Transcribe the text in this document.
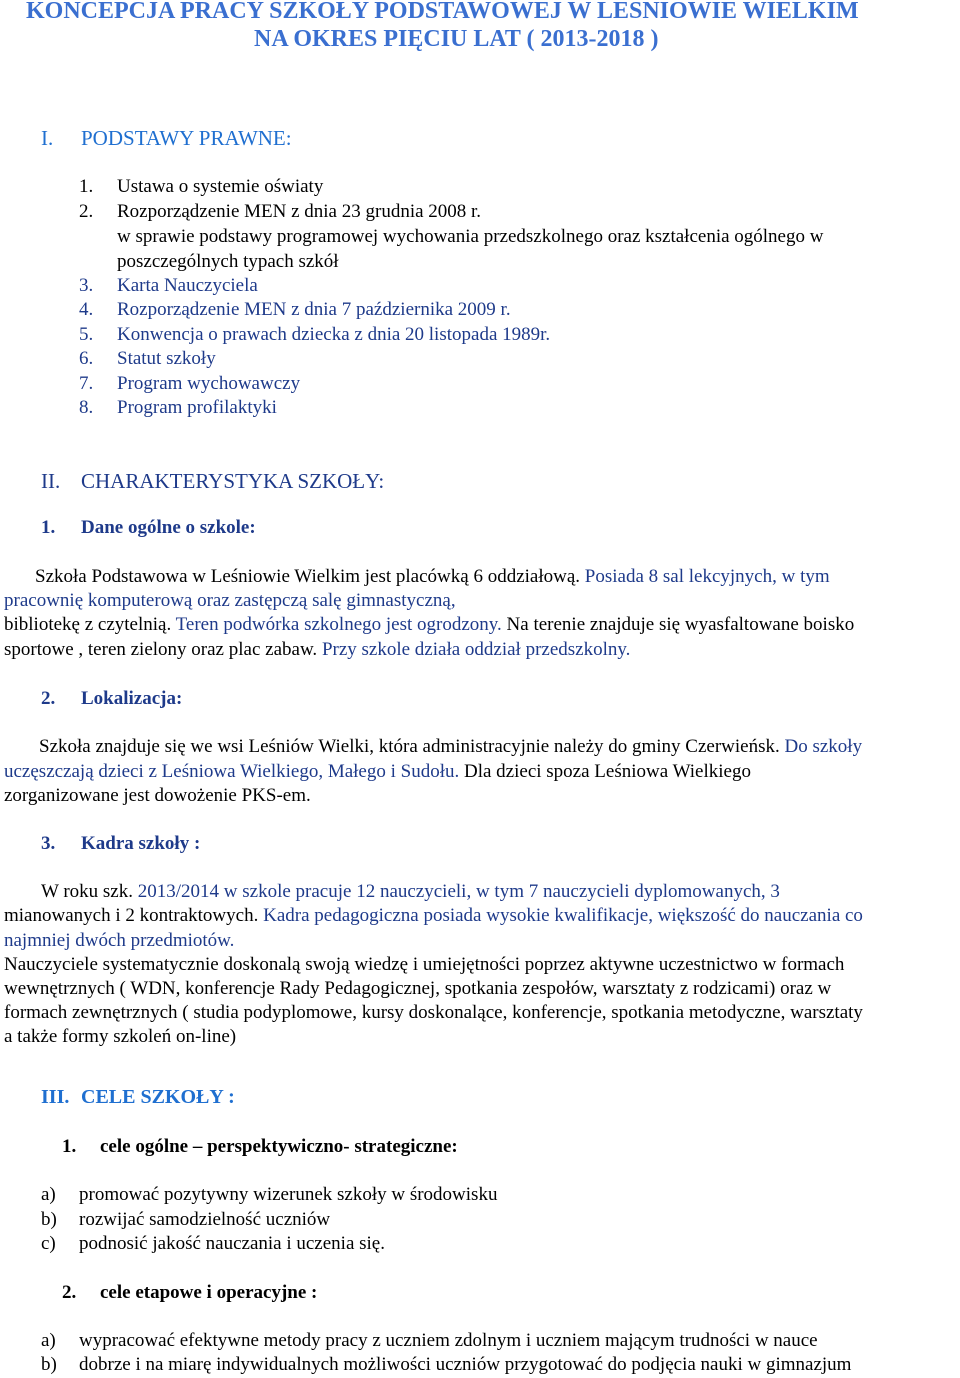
KONCEPCJA PRACY SZKOŁY PODSTAWOWEJ W LESNIOWIE WIELKIM
NA OKRES PIĘCIU LAT ( 2013-2018 )
I. PODSTAWY PRAWNE:
1. Ustawa o systemie oświaty
2. Rozporządzenie MEN z dnia 23 grudnia 2008 r.
w sprawie podstawy programowej wychowania przedszkolnego oraz kształcenia ogólnego w
poszczególnych typach szkół
3. Karta Nauczyciela
4. Rozporządzenie MEN z dnia 7 października 2009 r.
5. Konwencja o prawach dziecka z dnia 20 listopada 1989r.
6. Statut szkoły
7. Program wychowawczy
8. Program profilaktyki
II. CHARAKTERYSTYKA SZKOŁY:
1. Dane ogólne o szkole:
Szkoła Podstawowa w Leśniowie Wielkim jest placówką 6 oddziałową. Posiada 8 sal lekcyjnych, w tym
pracownię komputerową oraz zastępczą salę gimnastyczną,
bibliotekę z czytelnią. Teren podwórka szkolnego jest ogrodzony. Na terenie znajduje się wyasfaltowane boisko
sportowe , teren zielony oraz plac zabaw. Przy szkole działa oddział przedszkolny.
2. Lokalizacja:
Szkoła znajduje się we wsi Leśniów Wielki, która administracyjnie należy do gminy Czerwieńsk. Do szkoły
uczęszczają dzieci z Leśniowa Wielkiego, Małego i Sudołu. Dla dzieci spoza Leśniowa Wielkiego
zorganizowane jest dowożenie PKS-em.
3. Kadra szkoły :
W roku szk. 2013/2014 w szkole pracuje 12 nauczycieli, w tym 7 nauczycieli dyplomowanych, 3
mianowanych i 2 kontraktowych. Kadra pedagogiczna posiada wysokie kwalifikacje, większość do nauczania co
najmniej dwóch przedmiotów.
Nauczyciele systematycznie doskonalą swoją wiedzę i umiejętności poprzez aktywne uczestnictwo w formach
wewnętrznych ( WDN, konferencje Rady Pedagogicznej, spotkania zespołów, warsztaty z rodzicami) oraz w
formach zewnętrznych ( studia podyplomowe, kursy doskonalące, konferencje, spotkania metodyczne, warsztaty
a także formy szkoleń on-line)
III. CELE SZKOŁY :
1. cele ogólne – perspektywiczno- strategiczne:
a) promować pozytywny wizerunek szkoły w środowisku
b) rozwijać samodzielność uczniów
c) podnosić jakość nauczania i uczenia się.
2. cele etapowe i operacyjne :
a) wypracować efektywne metody pracy z uczniem zdolnym i uczniem mającym trudności w nauce
b) dobrze i na miarę indywidualnych możliwości uczniów przygotować do podjęcia nauki w gimnazjum
